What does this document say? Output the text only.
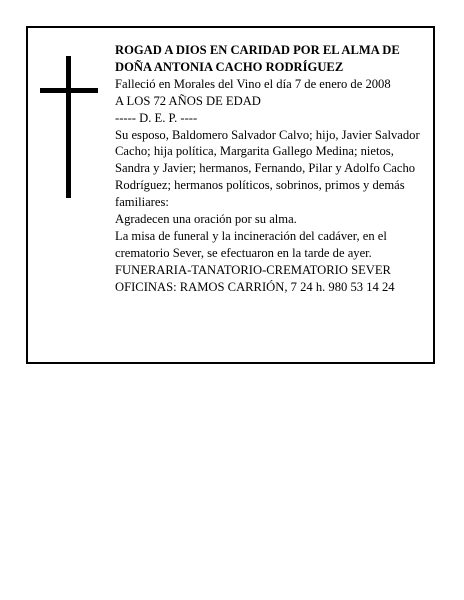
ROGAD A DIOS EN CARIDAD POR EL ALMA DE

DOÑA ANTONIA CACHO RODRÍGUEZ

Falleció en Morales del Vino el día 7 de enero de 2008

A LOS 72 AÑOS DE EDAD

----- D. E. P. ----

Su esposo, Baldomero Salvador Calvo; hijo, Javier Salvador Cacho; hija política, Margarita Gallego Medina; nietos, Sandra y Javier; hermanos, Fernando, Pilar y Adolfo Cacho Rodríguez; hermanos políticos, sobrinos, primos y demás familiares:

Agradecen una oración por su alma.

La misa de funeral y la incineración del cadáver, en el crematorio Sever, se efectuaron en la tarde de ayer.

FUNERARIA-TANATORIO-CREMATORIO SEVER

OFICINAS: RAMOS CARRIÓN, 7 24 h. 980 53 14 24
